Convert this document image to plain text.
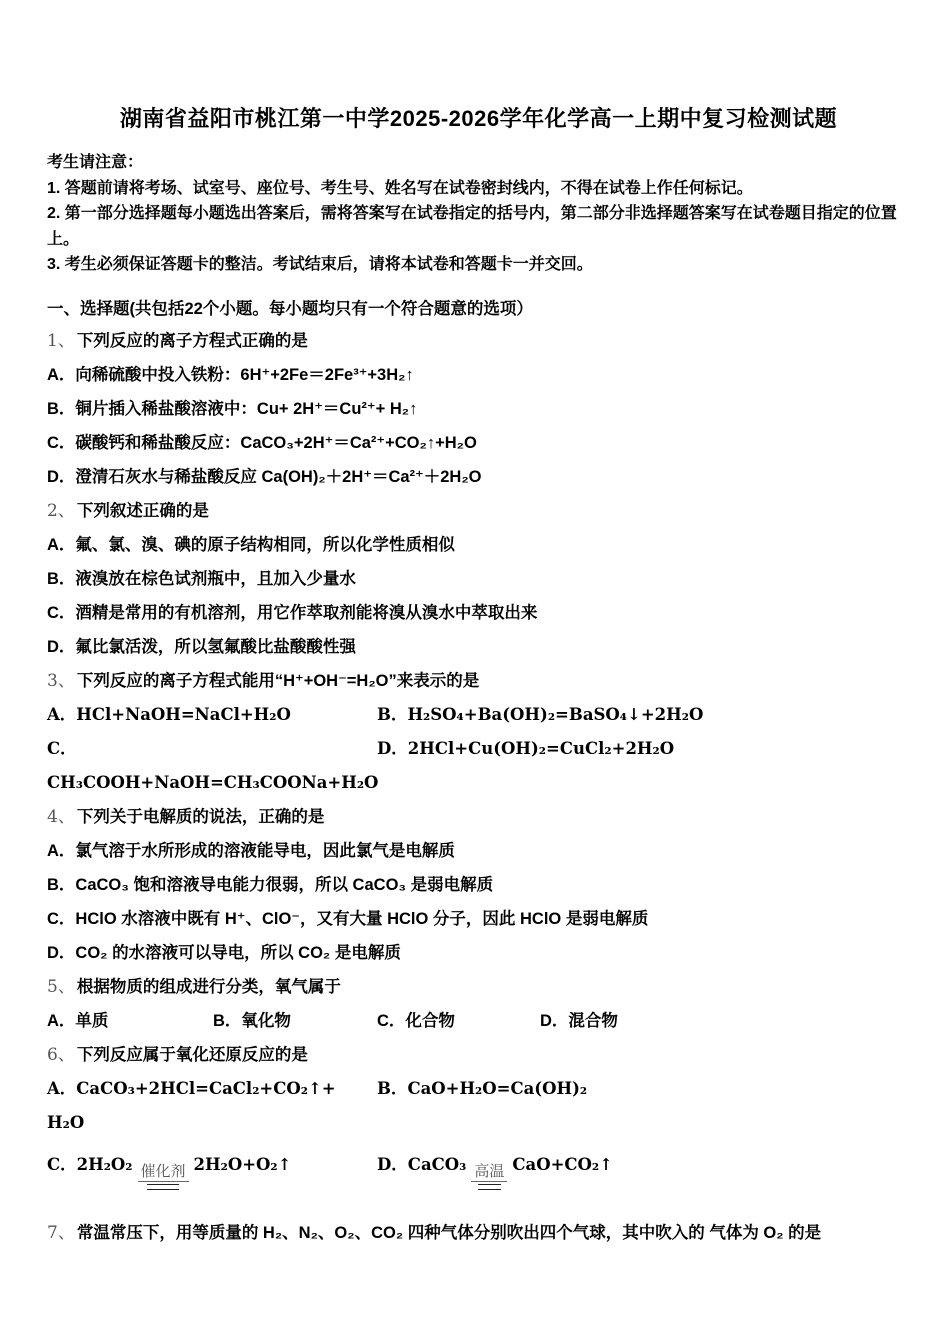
湖南省益阳市桃江第一中学2025-2026学年化学高一上期中复习检测试题

考生请注意：

1. 答题前请将考场、试室号、座位号、考生号、姓名写在试卷密封线内，不得在试卷上作任何标记。

2. 第一部分选择题每小题选出答案后，需将答案写在试卷指定的括号内，第二部分非选择题答案写在试卷题目指定的位置上。

3. 考生必须保证答题卡的整洁。考试结束后，请将本试卷和答题卡一并交回。

一、选择题(共包括22个小题。每小题均只有一个符合题意的选项）

1、 下列反应的离子方程式正确的是

A．向稀硫酸中投入铁粉：6H⁺+2Fe＝2Fe³⁺+3H₂↑

B．铜片插入稀盐酸溶液中：Cu+ 2H⁺＝Cu²⁺+ H₂↑

C．碳酸钙和稀盐酸反应：CaCO₃+2H⁺＝Ca²⁺+CO₂↑+H₂O

D．澄清石灰水与稀盐酸反应 Ca(OH)₂＋2H⁺＝Ca²⁺＋2H₂O

2、 下列叙述正确的是

A．氟、氯、溴、碘的原子结构相同，所以化学性质相似

B．液溴放在棕色试剂瓶中，且加入少量水

C．酒精是常用的有机溶剂，用它作萃取剂能将溴从溴水中萃取出来

D．氟比氯活泼，所以氢氟酸比盐酸酸性强

3、 下列反应的离子方程式能用“H⁺+OH⁻=H₂O”来表示的是

A．HCl+NaOH=NaCl+H₂O	B．H₂SO₄+Ba(OH)₂=BaSO₄↓+2H₂O
C．CH₃COOH+NaOH=CH₃COONa+H₂O
D．2HCl+Cu(OH)₂=CuCl₂+2H₂O

4、 下列关于电解质的说法，正确的是

A．氯气溶于水所形成的溶液能导电，因此氯气是电解质

B．CaCO₃ 饱和溶液导电能力很弱，所以 CaCO₃ 是弱电解质

C．HClO 水溶液中既有 H⁺、ClO⁻，又有大量 HClO 分子，因此 HClO 是弱电解质

D．CO₂ 的水溶液可以导电，所以 CO₂ 是电解质

5、 根据物质的组成进行分类，氧气属于

A．单质	B．氧化物	C．化合物	D．混合物

6、 下列反应属于氧化还原反应的是

A．CaCO₃+2HCl=CaCl₂+CO₂↑+ H₂O
B．CaO+H₂O=Ca(OH)₂
C．2H₂O₂ 催化剂 2H₂O+O₂↑	D．CaCO₃ 高温 CaO+CO₂↑

7、 常温常压下，用等质量的 H₂、N₂、O₂、CO₂ 四种气体分别吹出四个气球，其中吹入的 气体为 O₂ 的是
